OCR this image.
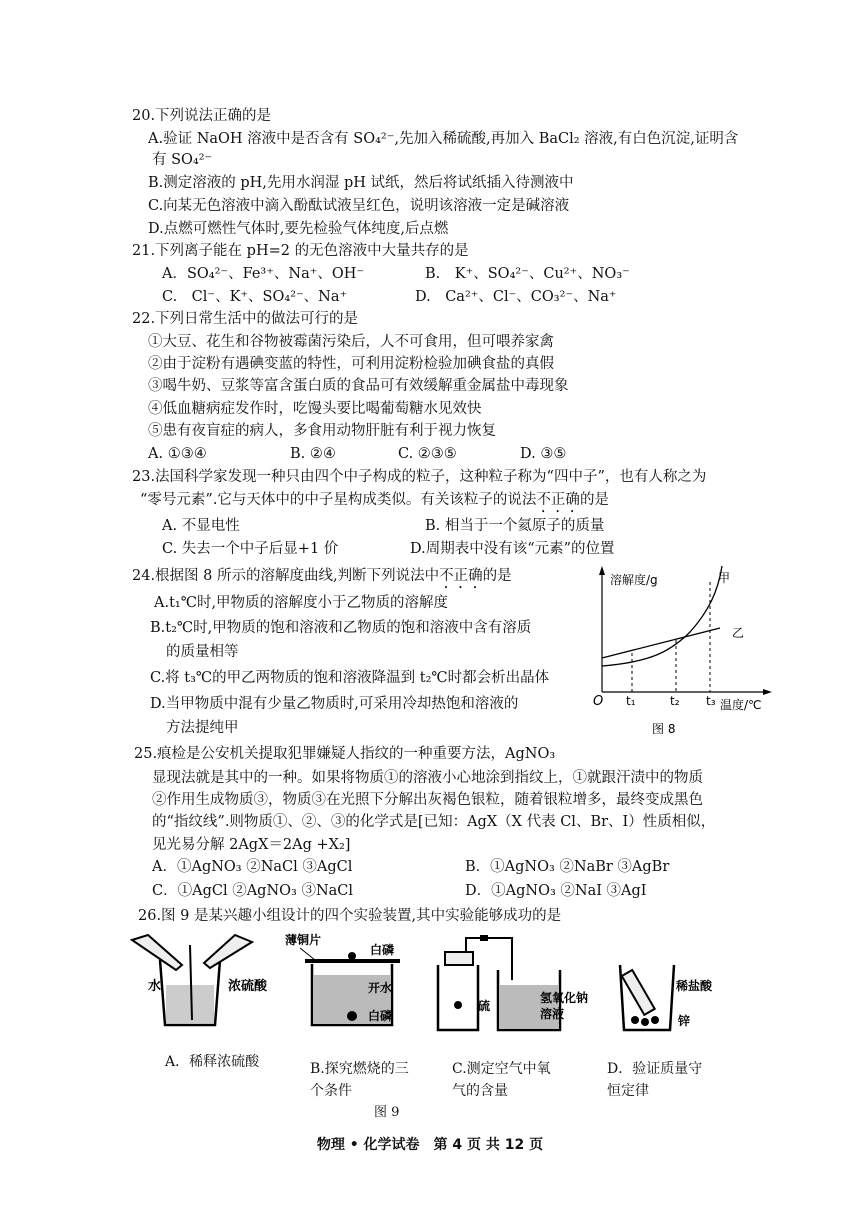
20.下列说法正确的是
A.验证 NaOH 溶液中是否含有 SO₄²⁻,先加入稀硫酸,再加入 BaCl₂ 溶液,有白色沉淀,证明含
有 SO₄²⁻
B.测定溶液的 pH,先用水润湿 pH 试纸，然后将试纸插入待测液中
C.向某无色溶液中滴入酚酞试液呈红色，说明该溶液一定是碱溶液
D.点燃可燃性气体时,要先检验气体纯度,后点燃
21.下列离子能在 pH=2 的无色溶液中大量共存的是
A．SO₄²⁻、Fe³⁺、Na⁺、OH⁻	B.　K⁺、SO₄²⁻、Cu²⁺、NO₃⁻
C.　Cl⁻、K⁺、SO₄²⁻、Na⁺	D.　Ca²⁺、Cl⁻、CO₃²⁻、Na⁺
22.下列日常生活中的做法可行的是
①大豆、花生和谷物被霉菌污染后，人不可食用，但可喂养家禽
②由于淀粉有遇碘变蓝的特性，可利用淀粉检验加碘食盐的真假
③喝牛奶、豆浆等富含蛋白质的食品可有效缓解重金属盐中毒现象
④低血糖病症发作时，吃馒头要比喝葡萄糖水见效快
⑤患有夜盲症的病人，多食用动物肝脏有利于视力恢复
A. ①③④	B. ②④	C. ②③⑤	D. ③⑤
23.法国科学家发现一种只由四个中子构成的粒子，这种粒子称为“四中子”，也有人称之为
“零号元素”.它与天体中的中子星构成类似。有关该粒子的说法不正确的是
A. 不显电性	B. 相当于一个氦原子的质量
C. 失去一个中子后显+1 价	D.周期表中没有该“元素”的位置
24.根据图 8 所示的溶解度曲线,判断下列说法中不正确的是
A.t₁℃时,甲物质的溶解度小于乙物质的溶解度
B.t₂℃时,甲物质的饱和溶液和乙物质的饱和溶液中含有溶质
的质量相等
C.将 t₃℃的甲乙两物质的饱和溶液降温到 t₂℃时都会析出晶体
D.当甲物质中混有少量乙物质时,可采用冷却热饱和溶液的
方法提纯甲
溶解度/g
温度/℃
O
甲
乙
t₁	t₂ t₃
图 8
25.痕检是公安机关提取犯罪嫌疑人指纹的一种重要方法，AgNO₃
显现法就是其中的一种。如果将物质①的溶液小心地涂到指纹上，①就跟汗渍中的物质
②作用生成物质③，物质③在光照下分解出灰褐色银粒，随着银粒增多，最终变成黑色
的“指纹线”.则物质①、②、③的化学式是[已知：AgX（X 代表 Cl、Br、I）性质相似，
见光易分解 2AgX＝2Ag +X₂]
A．①AgNO₃ ②NaCl ③AgCl	B．①AgNO₃ ②NaBr ③AgBr
C．①AgCl ②AgNO₃ ③NaCl	D．①AgNO₃ ②NaI ③AgI
26.图 9 是某兴趣小组设计的四个实验装置,其中实验能够成功的是
水	浓硫酸
薄铜片
白磷
开水
白磷
硫
氢氧化钠
溶液
稀盐酸
锌
A．稀释浓硫酸	B.探究燃烧的三
个条件
C.测定空气中氧
气的含量
D．验证质量守
恒定律
图 9
物理 • 化学试卷　第 4 页 共 12 页
